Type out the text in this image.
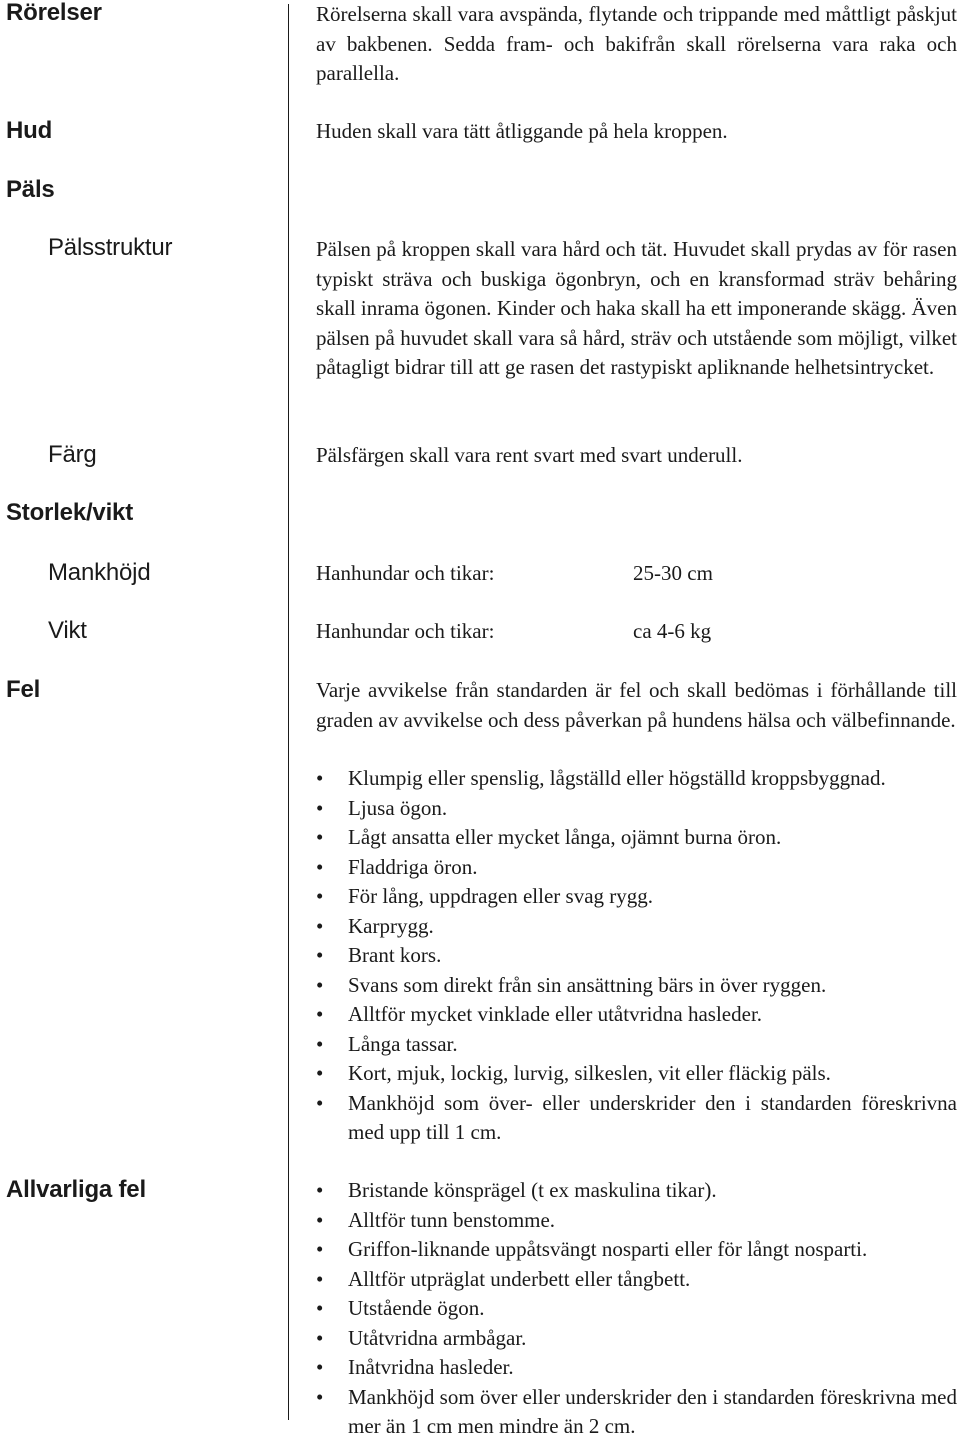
Rörelser	Rörelserna skall vara avspända, flytande och trippande med måttligt påskjut av bakbenen. Sedda fram- och bakifrån skall rörelserna vara raka och parallella.

Hud	Huden skall vara tätt åtliggande på hela kroppen.

Päls
Pälsstruktur	Pälsen på kroppen skall vara hård och tät. Huvudet skall prydas av för rasen typiskt sträva och buskiga ögonbryn, och en kransformad sträv behåring skall inrama ögonen. Kinder och haka skall ha ett imponerande skägg. Även pälsen på huvudet skall vara så hård, sträv och utstående som möjligt, vilket påtagligt bidrar till att ge rasen det rastypiskt apliknande helhetsintrycket.

Färg	Pälsfärgen skall vara rent svart med svart underull.

Storlek/vikt
Mankhöjd	Hanhundar och tikar:	25-30 cm
Vikt	Hanhundar och tikar:	ca 4-6 kg
Fel	Varje avvikelse från standarden är fel och skall bedömas i förhållande till graden av avvikelse och dess påverkan på hundens hälsa och välbefinnande.

• Klumpig eller spenslig, lågställd eller högställd kroppsbyggnad.
• Ljusa ögon.
• Lågt ansatta eller mycket långa, ojämnt burna öron.
• Fladdriga öron.
• För lång, uppdragen eller svag rygg.
• Karprygg.
• Brant kors.
• Svans som direkt från sin ansättning bärs in över ryggen.
• Alltför mycket vinklade eller utåtvridna hasleder.
• Långa tassar.
• Kort, mjuk, lockig, lurvig, silkeslen, vit eller fläckig päls.
• Mankhöjd som över- eller underskrider den i standarden föreskrivna med upp till 1 cm.
Allvarliga fel
•	Bristande könsprägel (t ex maskulina tikar).
• Alltför tunn benstomme.
• Griffon-liknande uppåtsvängt nosparti eller för långt nosparti.
• Alltför utpräglat underbett eller tångbett.
• Utstående ögon.
• Utåtvridna armbågar.
• Inåtvridna hasleder.
• Mankhöjd som över eller underskrider den i standarden föreskrivna med mer än 1 cm men mindre än 2 cm.
